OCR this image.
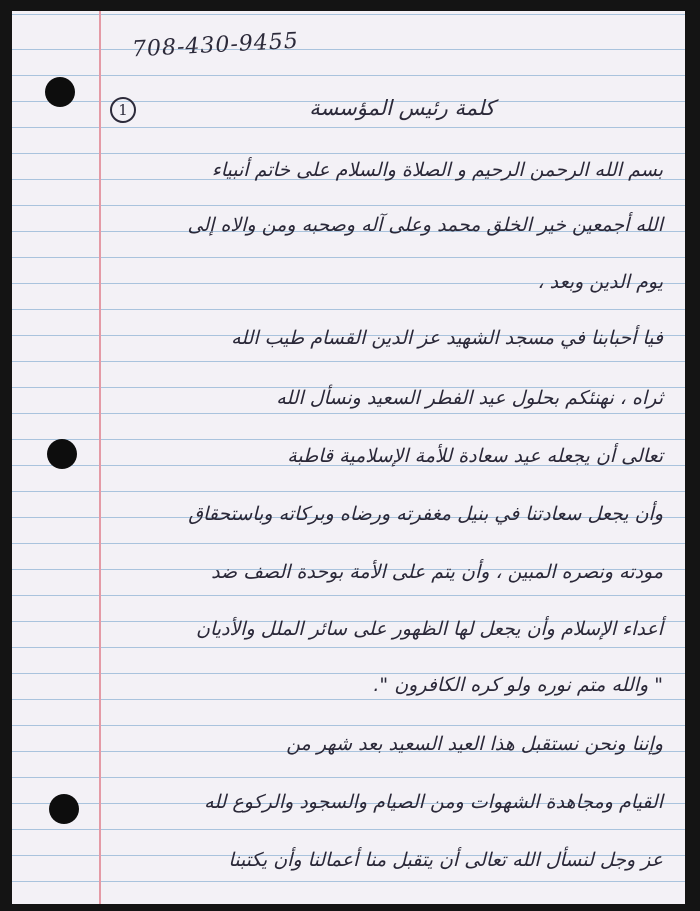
708-430-9455
1	كلمة رئيس المؤسسة
بسم الله الرحمن الرحيم و الصلاة والسلام على خاتم أنبياء
الله أجمعين خير الخلق محمد وعلى آله وصحبه ومن والاه إلى
يوم الدين وبعد ،
فيا أحبابنا في مسجد الشهيد عز الدين القسام طيب الله
ثراه ، نهنئكم بحلول عيد الفطر السعيد ونسأل الله
تعالى أن يجعله عيد سعادة للأمة الإسلامية قاطبة
وأن يجعل سعادتنا في بنيل مغفرته ورضاه وبركاته وباستحقاق
مودته ونصره المبين ، وأن يتم على الأمة بوحدة الصف ضد
أعداء الإسلام وأن يجعل لها الظهور على سائر الملل والأديان
" والله متم نوره ولو كره الكافرون ".
وإننا ونحن نستقبل هذا العيد السعيد بعد شهر من
القيام ومجاهدة الشهوات ومن الصيام والسجود والركوع لله
عز وجل لنسأل الله تعالى أن يتقبل منا أعمالنا وأن يكتبنا
